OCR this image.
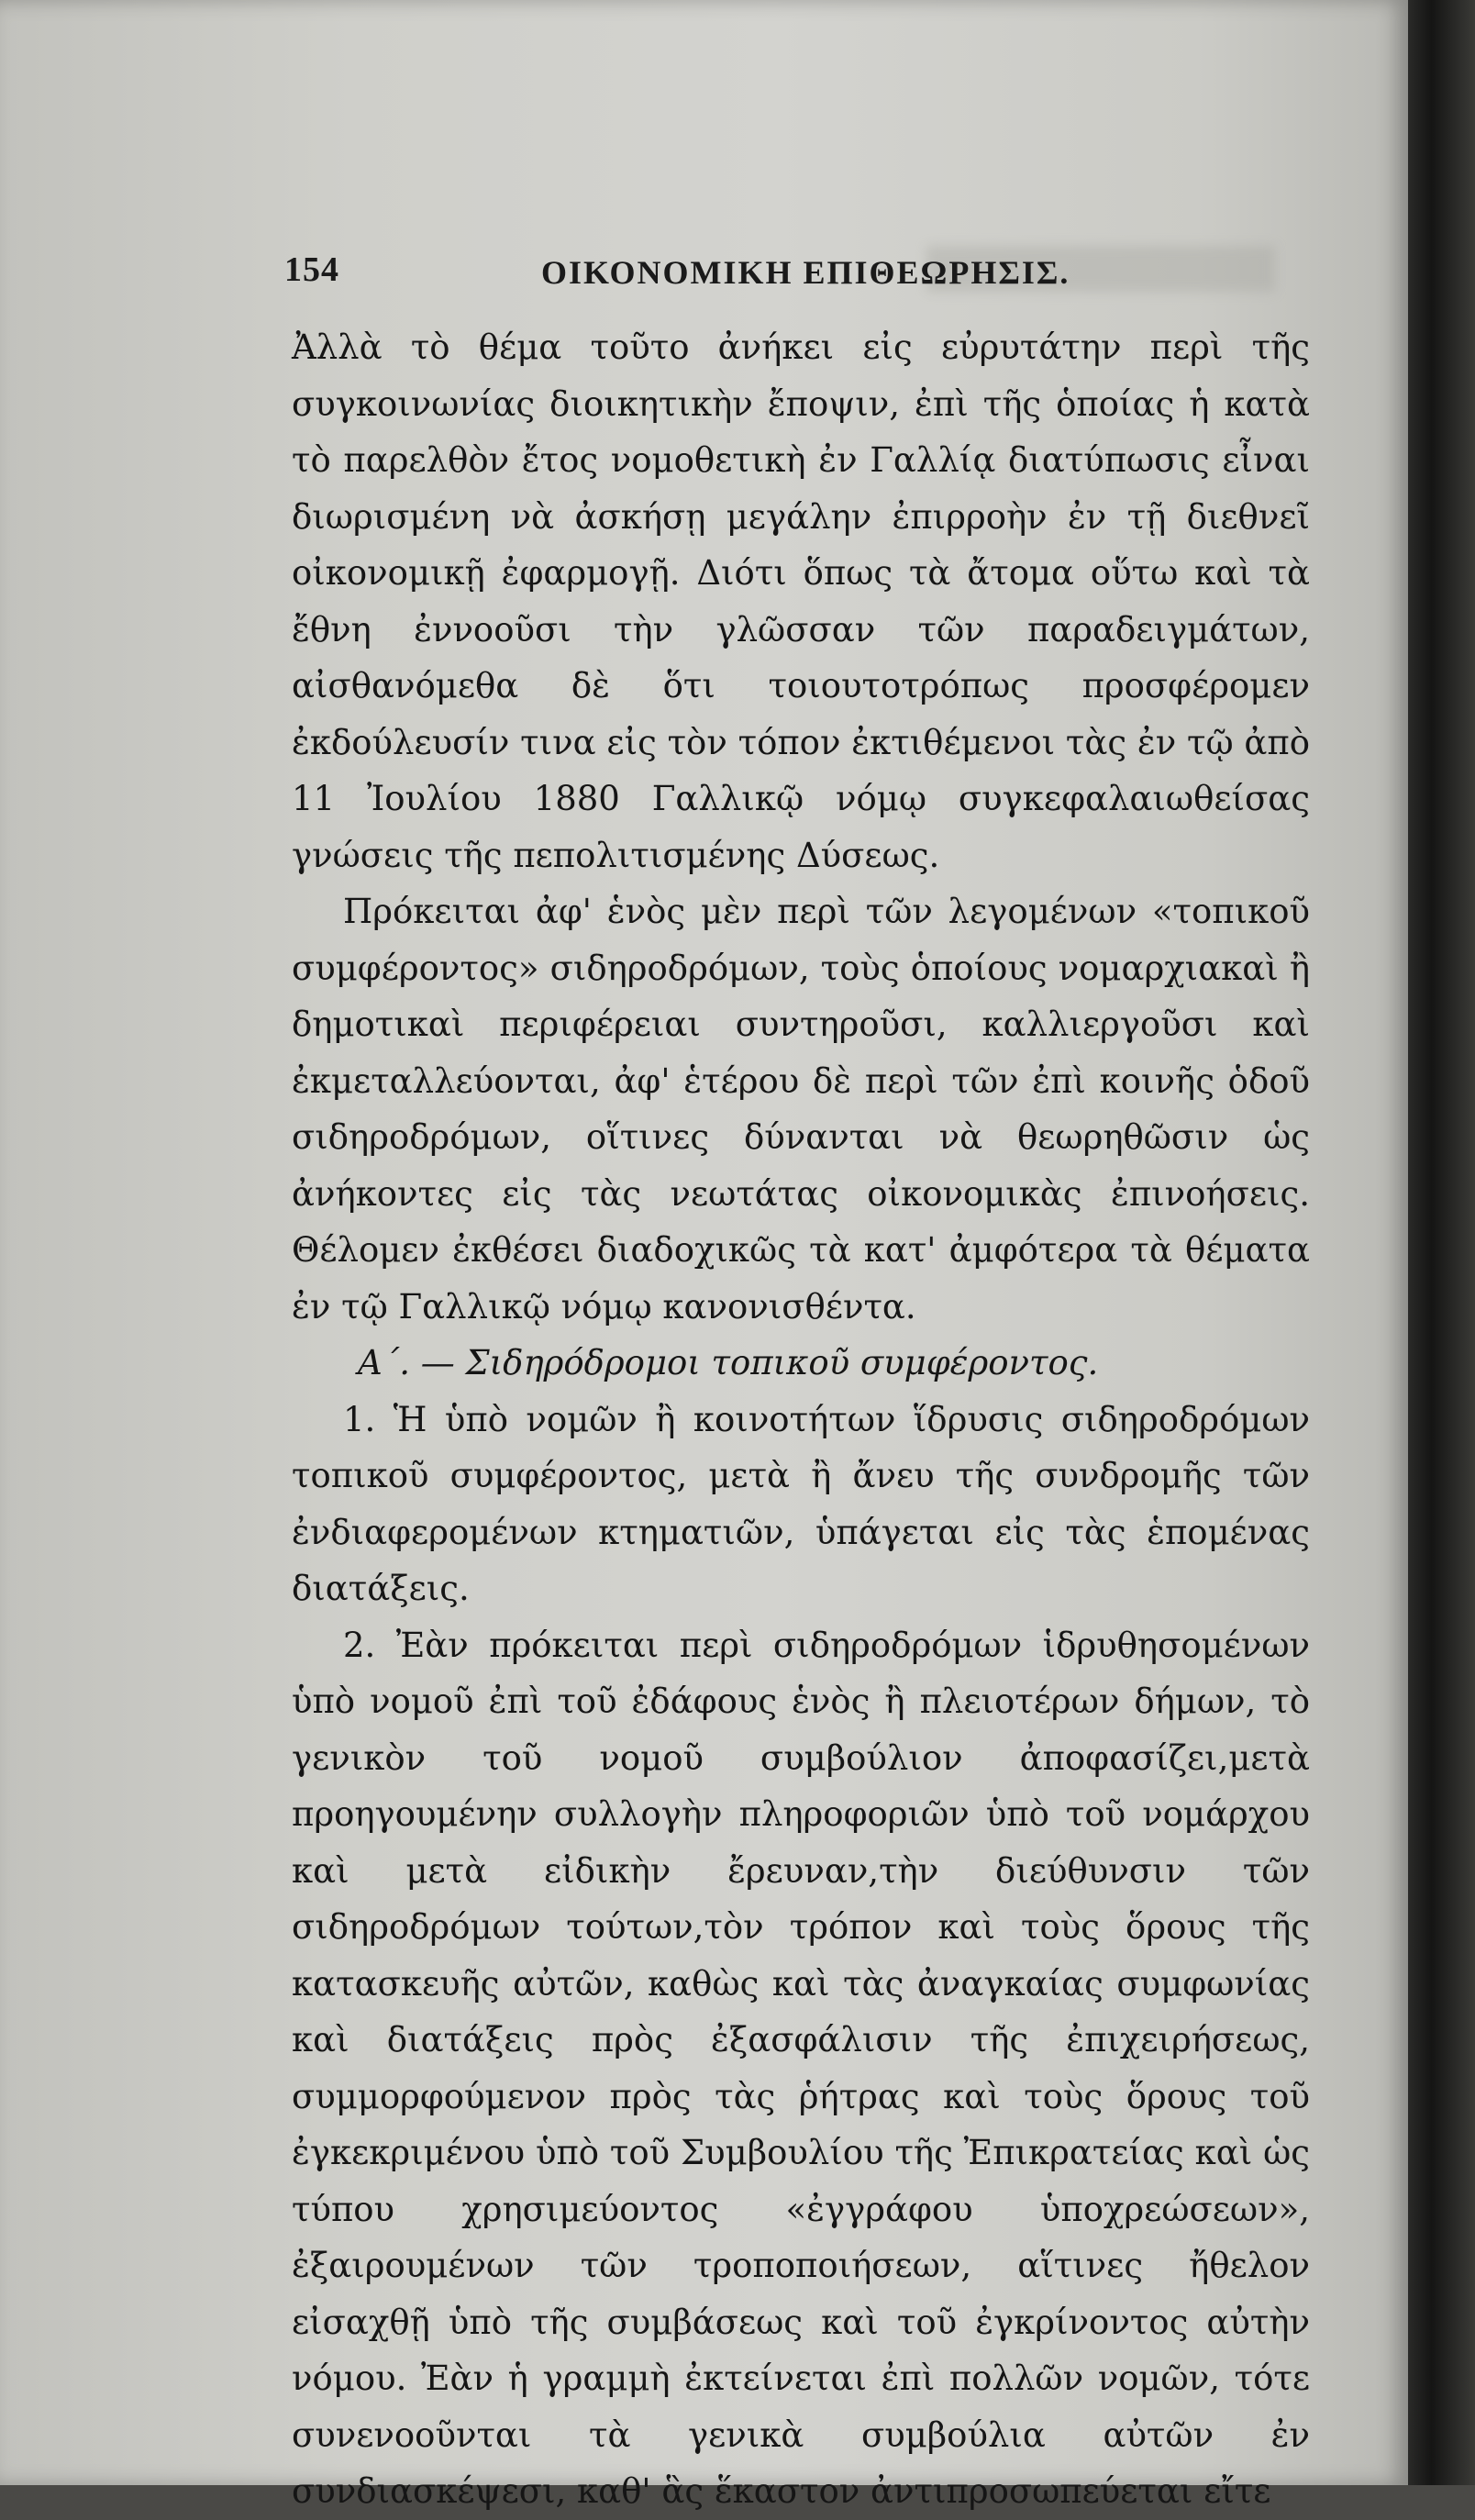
154	ΟΙΚΟΝΟΜΙΚΗ ΕΠΙΘΕΩΡΗΣΙΣ.

Ἀλλὰ τὸ θέμα τοῦτο ἀνήκει εἰς εὐρυτάτην περὶ τῆς συγκοινωνίας διοικητικὴν ἔποψιν, ἐπὶ τῆς ὁποίας ἡ κατὰ τὸ παρελθὸν ἔτος νομοθετικὴ ἐν Γαλλίᾳ διατύπωσις εἶναι διωρισμένη νὰ ἀσκήσῃ μεγάλην ἐπιρροὴν ἐν τῇ διεθνεῖ οἰκονομικῇ ἐφαρμογῇ. Διότι ὅπως τὰ ἄτομα οὕτω καὶ τὰ ἔθνη ἐννοοῦσι τὴν γλῶσσαν τῶν παραδειγμάτων, αἰσθανόμεθα δὲ ὅτι τοιουτοτρόπως προσφέρομεν ἐκδούλευσίν τινα εἰς τὸν τόπον ἐκτιθέμενοι τὰς ἐν τῷ ἀπὸ 11 Ἰουλίου 1880 Γαλλικῷ νόμῳ συγκεφαλαιωθείσας γνώσεις τῆς πεπολιτισμένης Δύσεως.

Πρόκειται ἀφ' ἑνὸς μὲν περὶ τῶν λεγομένων «τοπικοῦ συμφέροντος» σιδηροδρόμων, τοὺς ὁποίους νομαρχιακαὶ ἢ δημοτικαὶ περιφέρειαι συντηροῦσι, καλλιεργοῦσι καὶ ἐκμεταλλεύονται, ἀφ' ἑτέρου δὲ περὶ τῶν ἐπὶ κοινῆς ὁδοῦ σιδηροδρόμων, οἵτινες δύνανται νὰ θεωρηθῶσιν ὡς ἀνήκοντες εἰς τὰς νεωτάτας οἰκονομικὰς ἐπινοήσεις. Θέλομεν ἐκθέσει διαδοχικῶς τὰ κατ' ἀμφότερα τὰ θέματα ἐν τῷ Γαλλικῷ νόμῳ κανονισθέντα.

Α΄. — Σιδηρόδρομοι τοπικοῦ συμφέροντος.

1. Ἡ ὑπὸ νομῶν ἢ κοινοτήτων ἵδρυσις σιδηροδρόμων τοπικοῦ συμφέροντος, μετὰ ἢ ἄνευ τῆς συνδρομῆς τῶν ἐνδιαφερομένων κτηματιῶν, ὑπάγεται εἰς τὰς ἑπομένας διατάξεις.

2. Ἐὰν πρόκειται περὶ σιδηροδρόμων ἱδρυθησομένων ὑπὸ νομοῦ ἐπὶ τοῦ ἐδάφους ἑνὸς ἢ πλειοτέρων δήμων, τὸ γενικὸν τοῦ νομοῦ συμβούλιον ἀποφασίζει,μετὰ προηγουμένην συλλογὴν πληροφοριῶν ὑπὸ τοῦ νομάρχου καὶ μετὰ εἰδικὴν ἔρευναν,τὴν διεύθυνσιν τῶν σιδηροδρόμων τούτων,τὸν τρόπον καὶ τοὺς ὅρους τῆς κατασκευῆς αὐτῶν, καθὼς καὶ τὰς ἀναγκαίας συμφωνίας καὶ διατάξεις πρὸς ἐξασφάλισιν τῆς ἐπιχειρήσεως, συμμορφούμενον πρὸς τὰς ῥήτρας καὶ τοὺς ὅρους τοῦ ἐγκεκριμένου ὑπὸ τοῦ Συμβουλίου τῆς Ἐπικρατείας καὶ ὡς τύπου χρησιμεύοντος «ἐγγράφου ὑποχρεώσεων», ἐξαιρουμένων τῶν τροποποιήσεων, αἵτινες ἤθελον εἰσαχθῇ ὑπὸ τῆς συμβάσεως καὶ τοῦ ἐγκρίνοντος αὐτὴν νόμου. Ἐὰν ἡ γραμμὴ ἐκτείνεται ἐπὶ πολλῶν νομῶν, τότε συνενοοῦνται τὰ γενικὰ συμβούλια αὐτῶν ἐν συνδιασκέψεσι, καθ' ἃς ἕκαστον ἀντιπροσωπεύεται εἴτε
